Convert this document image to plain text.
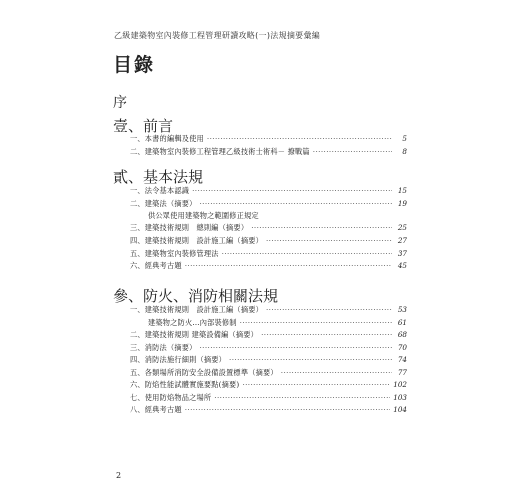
乙級建築物室內裝修工程管理研讀攻略(一)法規摘要彙編
目錄
序
壹、前言
一、本書的編輯及使用 ·····	5
二、建築物室內裝修工程管理乙級技術士術科－ 撩戰篇 ·····	8
貳、基本法規
一、法令基本認識 ·····	15
二、建築法（摘要） ·····	19
供公眾使用建築物之範圍修正規定
三、建築技術規則　總則編（摘要） ·····	25
四、建築技術規則　設計施工編（摘要） ·····	27
五、建築物室內裝修管理法 ·····	37
六、經典考古題 ·····	45
參、防火、消防相關法規
一、建築技術規則　設計施工編（摘要） ·····	53
建築物之防火…內部裝修制 ·····	61
二、建築技術規則 建築設備編（摘要） ·····	68
三、消防法（摘要） ·····	70
四、消防法施行細則（摘要） ·····	74
五、各類場所消防安全設備設置標準（摘要） ·····	77
六、防焰性能試體實施要點(摘要) ·····	102
七、使用防焰物品之場所 ·····	103
八、經典考古題 ·····	104
2
